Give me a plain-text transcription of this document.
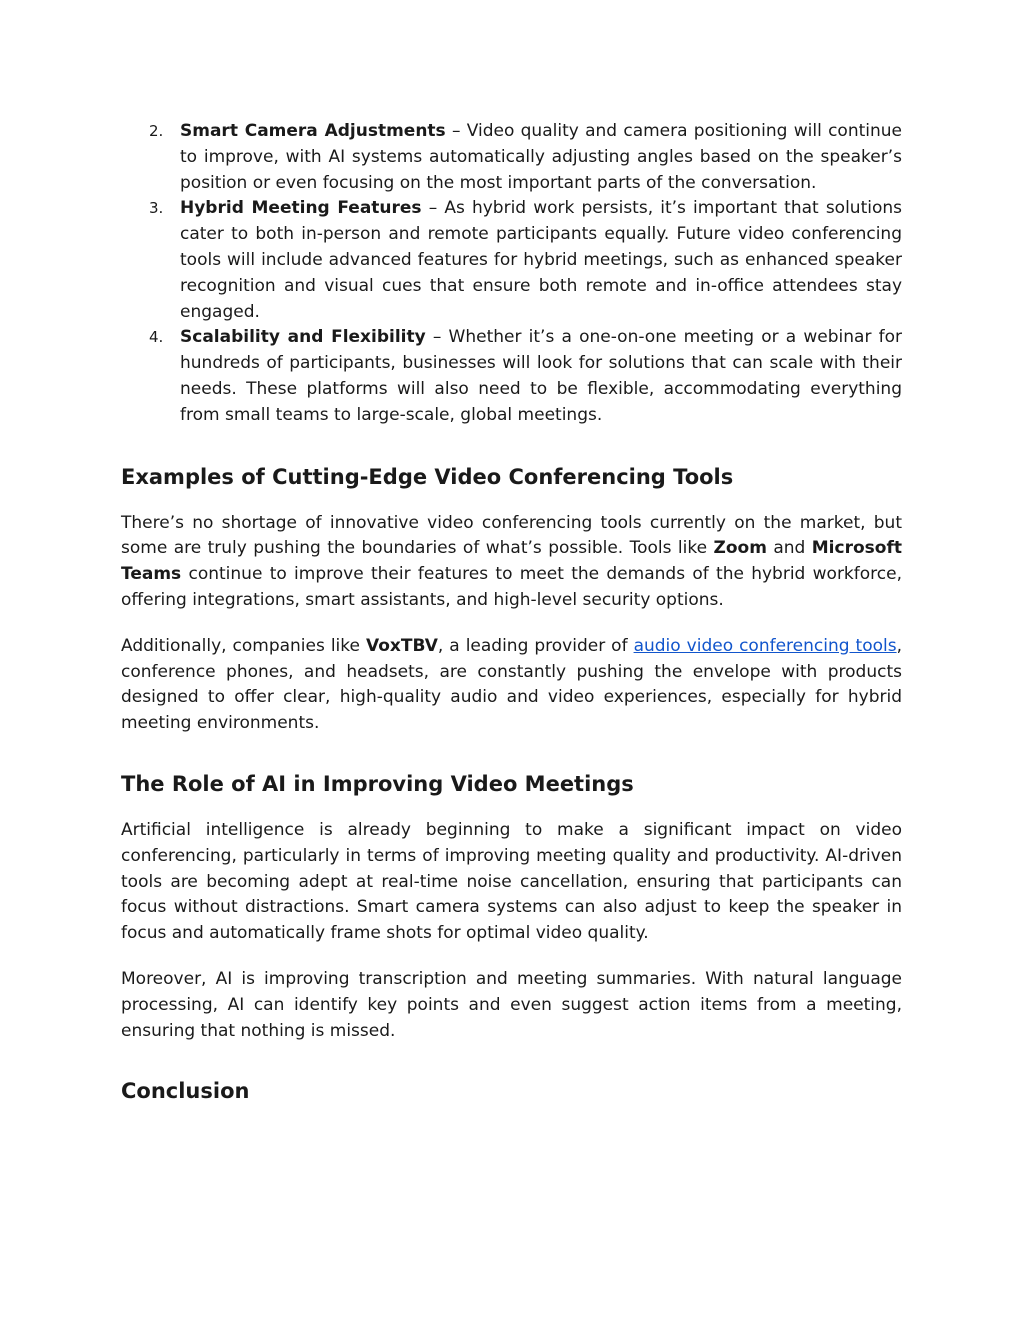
2. Smart Camera Adjustments – Video quality and camera positioning will continue to improve, with AI systems automatically adjusting angles based on the speaker’s position or even focusing on the most important parts of the conversation.
3. Hybrid Meeting Features – As hybrid work persists, it’s important that solutions cater to both in-person and remote participants equally. Future video conferencing tools will include advanced features for hybrid meetings, such as enhanced speaker recognition and visual cues that ensure both remote and in-office attendees stay engaged.
4. Scalability and Flexibility – Whether it’s a one-on-one meeting or a webinar for hundreds of participants, businesses will look for solutions that can scale with their needs. These platforms will also need to be flexible, accommodating everything from small teams to large-scale, global meetings.
Examples of Cutting-Edge Video Conferencing Tools

There’s no shortage of innovative video conferencing tools currently on the market, but some are truly pushing the boundaries of what’s possible. Tools like Zoom and Microsoft Teams continue to improve their features to meet the demands of the hybrid workforce, offering integrations, smart assistants, and high-level security options.

Additionally, companies like VoxTBV, a leading provider of audio video conferencing tools, conference phones, and headsets, are constantly pushing the envelope with products designed to offer clear, high-quality audio and video experiences, especially for hybrid meeting environments.

The Role of AI in Improving Video Meetings

Artificial intelligence is already beginning to make a significant impact on video conferencing, particularly in terms of improving meeting quality and productivity. AI-driven tools are becoming adept at real-time noise cancellation, ensuring that participants can focus without distractions. Smart camera systems can also adjust to keep the speaker in focus and automatically frame shots for optimal video quality.

Moreover, AI is improving transcription and meeting summaries. With natural language processing, AI can identify key points and even suggest action items from a meeting, ensuring that nothing is missed.

Conclusion
